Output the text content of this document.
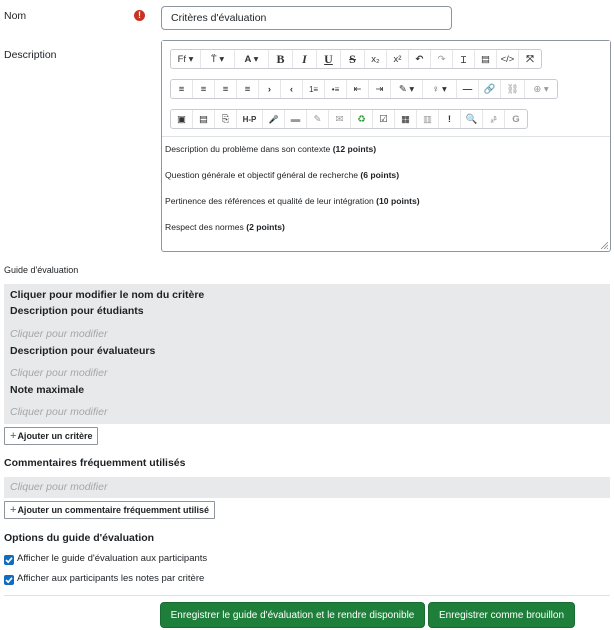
Nom	!	Critères d'évaluation
Description	Ff ▾ T̈ ▾ A ▾ B I U S x₂ x² ↶ ↷ Ɪ ▤ </> ⤧
≡ ≡ ≡ ≡ › ‹ 1≡ •≡ ⇤ ⇥ ✎ ▾ ♀ ▾ — 🔗 ⛓ ⊕ ▾
▣ ▤ ⎘ H-P 🎤 ▬ ✎ ✉ ♻ ☑ ▦ ▥ ! 🔍 ₐᵝ G

Description du problème dans son contexte (12 points)

Question générale et objectif général de recherche (6 points)

Pertinence des références et qualité de leur intégration (10 points)

Respect des normes (2 points)

Guide d'évaluation
Cliquer pour modifier le nom du critère
Description pour étudiants
Cliquer pour modifier
Description pour évaluateurs
Cliquer pour modifier
Note maximale
Cliquer pour modifier
+Ajouter un critère
Commentaires fréquemment utilisés
Cliquer pour modifier
+Ajouter un commentaire fréquemment utilisé
Options du guide d'évaluation
Afficher le guide d'évaluation aux participants
Afficher aux participants les notes par critère
Enregistrer le guide d'évaluation et le rendre disponible	Enregistrer comme brouillon
